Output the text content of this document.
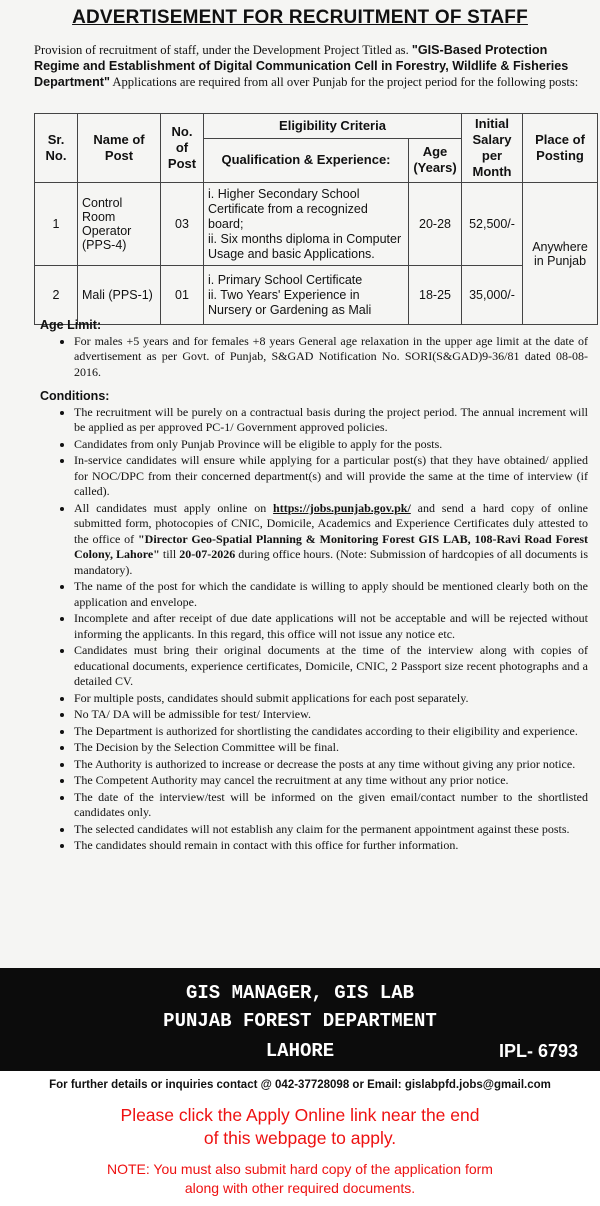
ADVERTISEMENT FOR RECRUITMENT OF STAFF
Provision of recruitment of staff, under the Development Project Titled as. "GIS-Based Protection Regime and Establishment of Digital Communication Cell in Forestry, Wildlife & Fisheries Department" Applications are required from all over Punjab for the project period for the following posts:
Sr. No.	Name of Post	No. of Post	Eligibility Criteria		Initial Salary per Month	Place of Posting
			Qualification & Experience:	Age (Years)		
1	Control Room Operator (PPS-4)	03	i. Higher Secondary School Certificate from a recognized board;
ii. Six months diploma in Computer Usage and basic Applications.	20-28	52,500/-	Anywhere in Punjab
2	Mali (PPS-1)	01	i. Primary School Certificate
ii. Two Years' Experience in Nursery or Gardening as Mali	18-25	35,000/-	
Age Limit:
• For males +5 years and for females +8 years General age relaxation in the upper age limit at the date of advertisement as per Govt. of Punjab, S&GAD Notification No. SORI(S&GAD)9-36/81 dated 08-08-2016.
Conditions:
• The recruitment will be purely on a contractual basis during the project period. The annual increment will be applied as per approved PC-1/ Government approved policies.
• Candidates from only Punjab Province will be eligible to apply for the posts.
• In-service candidates will ensure while applying for a particular post(s) that they have obtained/ applied for NOC/DPC from their concerned department(s) and will provide the same at the time of interview (if called).
• All candidates must apply online on https://jobs.punjab.gov.pk/ and send a hard copy of online submitted form, photocopies of CNIC, Domicile, Academics and Experience Certificates duly attested to the office of "Director Geo-Spatial Planning & Monitoring Forest GIS LAB, 108-Ravi Road Forest Colony, Lahore" till 20-07-2026 during office hours. (Note: Submission of hardcopies of all documents is mandatory).
• The name of the post for which the candidate is willing to apply should be mentioned clearly both on the application and envelope.
• Incomplete and after receipt of due date applications will not be acceptable and will be rejected without informing the applicants. In this regard, this office will not issue any notice etc.
• Candidates must bring their original documents at the time of the interview along with copies of educational documents, experience certificates, Domicile, CNIC, 2 Passport size recent photographs and a detailed CV.
• For multiple posts, candidates should submit applications for each post separately.
• No TA/ DA will be admissible for test/ Interview.
• The Department is authorized for shortlisting the candidates according to their eligibility and experience.
• The Decision by the Selection Committee will be final.
• The Authority is authorized to increase or decrease the posts at any time without giving any prior notice.
• The Competent Authority may cancel the recruitment at any time without any prior notice.
• The date of the interview/test will be informed on the given email/contact number to the shortlisted candidates only.
• The selected candidates will not establish any claim for the permanent appointment against these posts.
• The candidates should remain in contact with this office for further information.
GIS MANAGER, GIS LAB
PUNJAB FOREST DEPARTMENT
LAHORE	IPL- 6793
For further details or inquiries contact @ 042-37728098 or Email: gislabpfd.jobs@gmail.com
Please click the Apply Online link near the end
of this webpage to apply.
NOTE: You must also submit hard copy of the application form
along with other required documents.
